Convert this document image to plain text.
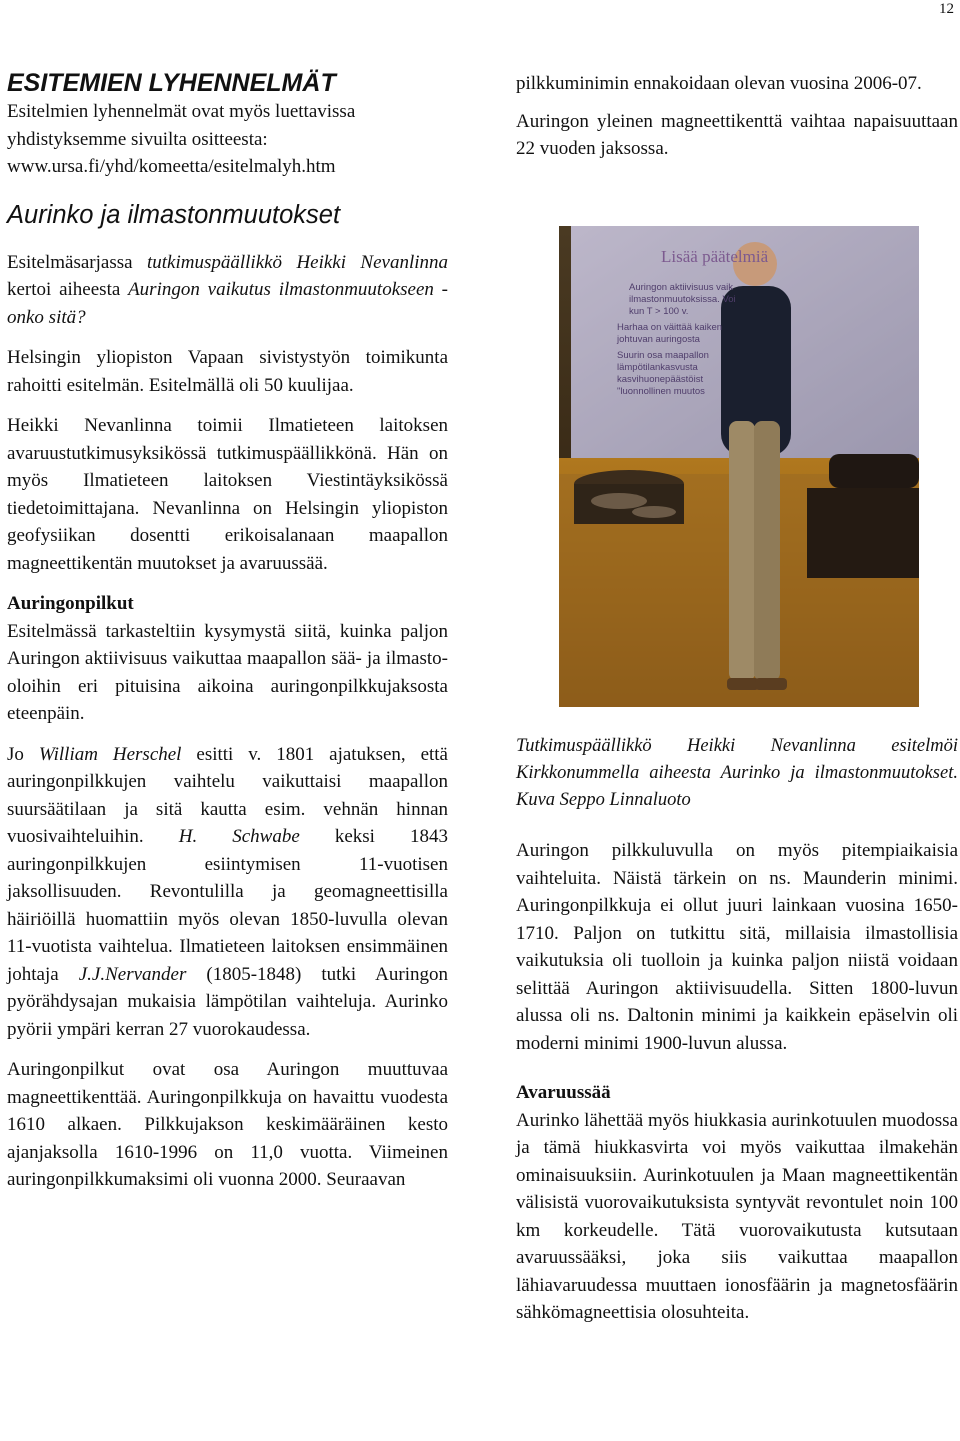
12

ESITEMIEN LYHENNELMÄT

Esitelmien lyhennelmät ovat myös luettavissa

yhdistyksemme sivuilta ositteesta:

www.ursa.fi/yhd/komeetta/esitelmalyh.htm

Aurinko ja ilmastonmuutokset

Esitelmäsarjassa tutkimuspäällikkö Heikki Nevanlinna kertoi aiheesta Auringon vaikutus ilmastonmuutokseen - onko sitä?

Helsingin yliopiston Vapaan sivistystyön toimikunta rahoitti esitelmän. Esitelmällä oli 50 kuulijaa.

Heikki Nevanlinna toimii Ilmatieteen laitoksen avaruustutkimusyksikössä tutkimuspäällikkönä. Hän on myös Ilmatieteen laitoksen Viestintäyksikössä tiedetoimittajana. Nevanlinna on Helsingin yliopiston geofysiikan dosentti erikoisalanaan maapallon magneettikentän muutokset ja avaruussää.

Auringonpilkut

Esitelmässä tarkasteltiin kysymystä siitä, kuinka paljon Auringon aktiivisuus vaikuttaa maapallon sää- ja ilmasto-oloihin eri pituisina aikoina auringonpilkkujaksosta eteenpäin.

Jo William Herschel esitti v. 1801 ajatuksen, että auringonpilkkujen vaihtelu vaikuttaisi maapallon suursäätilaan ja sitä kautta esim. vehnän hinnan vuosivaihteluihin. H. Schwabe keksi 1843 auringonpilkkujen esiintymisen 11-vuotisen jaksollisuuden. Revontulilla ja geomagneettisilla häiriöillä huomattiin myös olevan 1850-luvulla olevan 11-vuotista vaihtelua. Ilmatieteen laitoksen ensimmäinen johtaja J.J.Nervander (1805-1848) tutki Auringon pyörähdysajan mukaisia lämpötilan vaihteluja. Aurinko pyörii ympäri kerran 27 vuorokaudessa.

Auringonpilkut ovat osa Auringon muuttuvaa magneettikenttää. Auringonpilkkuja on havaittu vuodesta 1610 alkaen. Pilkkujakson keskimääräinen kesto ajanjaksolla 1610-1996 on 11,0 vuotta. Viimeinen auringonpilkkumaksimi oli vuonna 2000. Seuraavan

pilkkuminimin ennakoidaan olevan vuosina 2006-07.

Auringon yleinen magneettikenttä vaihtaa napaisuuttaan 22 vuoden jaksossa.

Lisää päätelmiä
Auringon aktiivisuus vaik
ilmastonmuutoksissa. Voi
kun T > 100 v.
Harhaa on väittää kaiken
johtuvan auringosta
Suurin osa maapallon
lämpötilankasvusta
kasvihuonepäästöist
"luonnollinen muutos
Tutkimuspäällikkö Heikki Nevanlinna esitelmöi Kirkkonummella aiheesta Aurinko ja ilmastonmuutokset. Kuva Seppo Linnaluoto

Auringon pilkkuluvulla on myös pitempiaikaisia vaihteluita. Näistä tärkein on ns. Maunderin minimi. Auringonpilkkuja ei ollut juuri lainkaan vuosina 1650-1710. Paljon on tutkittu sitä, millaisia ilmastollisia vaikutuksia oli tuolloin ja kuinka paljon niistä voidaan selittää Auringon aktiivisuudella. Sitten 1800-luvun alussa oli ns. Daltonin minimi ja kaikkein epäselvin oli moderni minimi 1900-luvun alussa.

Avaruussää

Aurinko lähettää myös hiukkasia aurinkotuulen muodossa ja tämä hiukkasvirta voi myös vaikuttaa ilmakehän ominaisuuksiin. Aurinkotuulen ja Maan magneettikentän välisistä vuorovaikutuksista syntyvät revontulet noin 100 km korkeudelle. Tätä vuorovaikutusta kutsutaan avaruussääksi, joka siis vaikuttaa maapallon lähiavaruudessa muuttaen ionosfäärin ja magnetosfäärin sähkömagneettisia olosuhteita.
